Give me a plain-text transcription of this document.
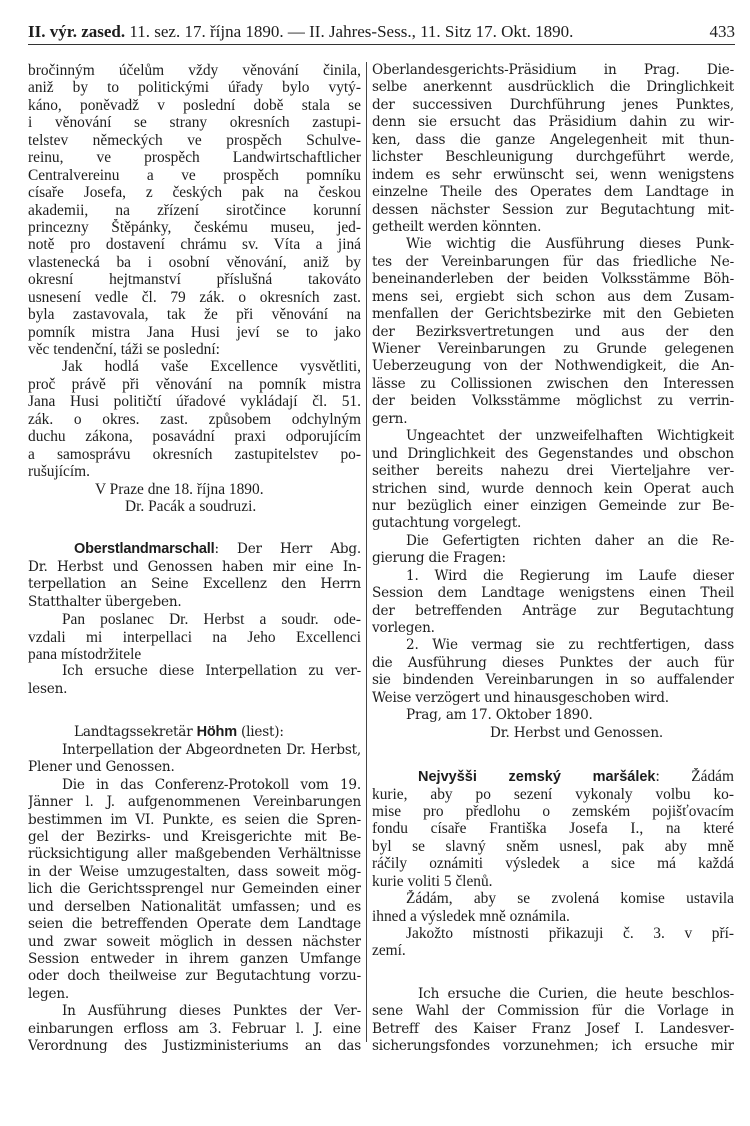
II. výr. zased. 11. sez. 17. října 1890. — II. Jahres-Sess., 11. Sitz 17. Okt. 1890.	433
bročinným účelům vždy věnování činila,
aniž by to politickými úřady bylo vytý-
káno, poněvadž v poslední době stala se
i věnování se strany okresních zastupi-
telstev německých ve prospěch Schulve-
reinu, ve prospěch Landwirtschaftlicher
Centralvereinu a ve prospěch pomníku
císaře Josefa, z českých pak na českou
akademii, na zřízení sirotčince korunní
princezny Štěpánky, českému museu, jed-
notě pro dostavení chrámu sv. Víta a jiná
vlastenecká ba i osobní věnování, aniž by
okresní hejtmanství příslušná takováto
usnesení vedle čl. 79 zák. o okresních zast.
byla zastavovala, tak že při věnování na
pomník mistra Jana Husi jeví se to jako
věc tendenční, táži se poslední:
Jak hodlá vaše Excellence vysvětliti,
proč právě při věnování na pomník mistra
Jana Husi političtí úřadové vykládají čl. 51.
zák. o okres. zast. způsobem odchylným
duchu zákona, posavádní praxi odporujícím
a samosprávu okresních zastupitelstev po-
rušujícím.
V Praze dne 18. října 1890.
Dr. Pacák a soudruzi.
Oberstlandmarschall: Der Herr Abg.
Dr. Herbst und Genossen haben mir eine In-
terpellation an Seine Excellenz den Herrn
Statthalter übergeben.
Pan poslanec Dr. Herbst a soudr. ode-
vzdali mi interpellaci na Jeho Excellenci
pana místodržitele
Ich ersuche diese Interpellation zu ver-
lesen.
Landtagssekretär Höhm (liest):
Interpellation der Abgeordneten Dr. Herbst,
Plener und Genossen.
Die in das Conferenz-Protokoll vom 19.
Jänner l. J. aufgenommenen Vereinbarungen
bestimmen im VI. Punkte, es seien die Spren-
gel der Bezirks- und Kreisgerichte mit Be-
rücksichtigung aller maßgebenden Verhältnisse
in der Weise umzugestalten, dass soweit mög-
lich die Gerichtssprengel nur Gemeinden einer
und derselben Nationalität umfassen; und es
seien die betreffenden Operate dem Landtage
und zwar soweit möglich in dessen nächster
Session entweder in ihrem ganzen Umfange
oder doch theilweise zur Begutachtung vorzu-
legen.
In Ausführung dieses Punktes der Ver-
einbarungen erfloss am 3. Februar l. J. eine
Verordnung des Justizministeriums an das
Oberlandesgerichts-Präsidium in Prag. Die-
selbe anerkennt ausdrücklich die Dringlichkeit
der successiven Durchführung jenes Punktes,
denn sie ersucht das Präsidium dahin zu wir-
ken, dass die ganze Angelegenheit mit thun-
lichster Beschleunigung durchgeführt werde,
indem es sehr erwünscht sei, wenn wenigstens
einzelne Theile des Operates dem Landtage in
dessen nächster Session zur Begutachtung mit-
getheilt werden könnten.
Wie wichtig die Ausführung dieses Punk-
tes der Vereinbarungen für das friedliche Ne-
beneinanderleben der beiden Volksstämme Böh-
mens sei, ergiebt sich schon aus dem Zusam-
menfallen der Gerichtsbezirke mit den Gebieten
der Bezirksvertretungen und aus der den
Wiener Vereinbarungen zu Grunde gelegenen
Ueberzeugung von der Nothwendigkeit, die An-
lässe zu Collissionen zwischen den Interessen
der beiden Volksstämme möglichst zu verrin-
gern.
Ungeachtet der unzweifelhaften Wichtigkeit
und Dringlichkeit des Gegenstandes und obschon
seither bereits nahezu drei Vierteljahre ver-
strichen sind, wurde dennoch kein Operat auch
nur bezüglich einer einzigen Gemeinde zur Be-
gutachtung vorgelegt.
Die Gefertigten richten daher an die Re-
gierung die Fragen:
1. Wird die Regierung im Laufe dieser
Session dem Landtage wenigstens einen Theil
der betreffenden Anträge zur Begutachtung
vorlegen.
2. Wie vermag sie zu rechtfertigen, dass
die Ausführung dieses Punktes der auch für
sie bindenden Vereinbarungen in so auffalender
Weise verzögert und hinausgeschoben wird.
Prag, am 17. Oktober 1890.
Dr. Herbst und Genossen.
Nejvyšši zemský maršálek: Žádám
kurie, aby po sezení vykonaly volbu ko-
mise pro předlohu o zemském pojišťovacím
fondu císaře Františka Josefa I., na které
byl se slavný sněm usnesl, pak aby mně
ráčily oznámiti výsledek a sice má každá
kurie voliti 5 členů.
Žádám, aby se zvolená komise ustavila
ihned a výsledek mně oznámila.
Jakožto místnosti přikazuji č. 3. v pří-
zemí.
Ich ersuche die Curien, die heute beschlos-
sene Wahl der Commission für die Vorlage in
Betreff des Kaiser Franz Josef I. Landesver-
sicherungsfondes vorzunehmen; ich ersuche mir
